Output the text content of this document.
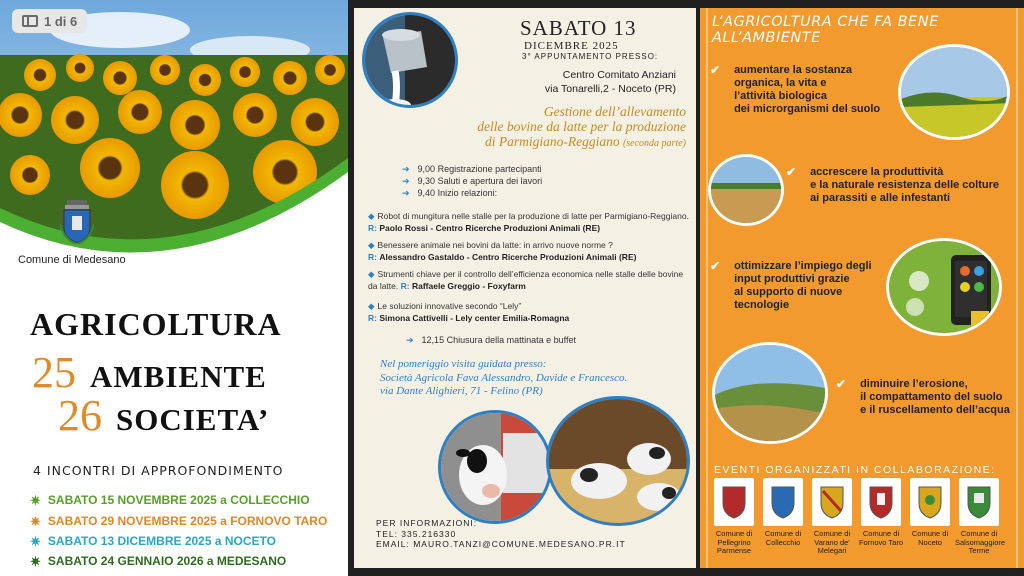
1 di 6
Comune di Medesano
AGRICOLTURA
25 AMBIENTE
26 SOCIETA’
4 INCONTRI DI APPROFONDIMENTO
✷ SABATO 15 NOVEMBRE 2025 a COLLECCHIO
✷ SABATO 29 NOVEMBRE 2025 a FORNOVO TARO
✷ SABATO 13 DICEMBRE 2025 a NOCETO
✷ SABATO 24 GENNAIO 2026 a MEDESANO
SABATO 13
DICEMBRE 2025
3° APPUNTAMENTO PRESSO:
Centro Comitato Anziani
via Tonarelli,2 - Noceto (PR)
Gestione dell’allevamento
delle bovine da latte per la produzione
di Parmigiano-Reggiano (seconda parte)
➔ 9,00 Registrazione partecipanti
➔ 9,30 Saluti e apertura dei lavori
➔ 9,40 Inizio relazioni:
◆ Robot di mungitura nelle stalle per la produzione di latte per Parmigiano-Reggiano. R: Paolo Rossi - Centro Ricerche Produzioni Animali (RE)
◆ Benessere animale nei bovini da latte: in arrivo nuove norme ?
R: Alessandro Gastaldo - Centro Ricerche Produzioni Animali (RE)
◆ Strumenti chiave per il controllo dell’efficienza economica nelle stalle delle bovine da latte. R: Raffaele Greggio - Foxyfarm
◆ Le soluzioni innovative secondo “Lely”
R: Simona Cattivelli - Lely center Emilia-Romagna
➔ 12,15 Chiusura della mattinata e buffet
Nel pomeriggio visita guidata presso:
Società Agricola Fava Alessandro, Davide e Francesco.
via Dante Alighieri, 71 - Felino (PR)
PER INFORMAZIONI:
TEL: 335.216330
EMAIL: MAURO.TANZI@COMUNE.MEDESANO.PR.IT
L’AGRICOLTURA CHE FA BENE ALL’AMBIENTE
✔ aumentare la sostanza
organica, la vita e
l’attività biologica
dei microrganismi del suolo
✔ accrescere la produttività
e la naturale resistenza delle colture
ai parassiti e alle infestanti
✔ ottimizzare l’impiego degli
input produttivi grazie
al supporto di nuove
tecnologie
✔ diminuire l’erosione,
il compattamento del suolo
e il ruscellamento dell’acqua
EVENTI ORGANIZZATI IN COLLABORAZIONE:
Comune di Pellegrino Parmense
Comune di Collecchio
Comune di Varano de' Melegari
Comune di Fornovo Taro
Comune di Noceto
Comune di Salsomaggiore Terme
